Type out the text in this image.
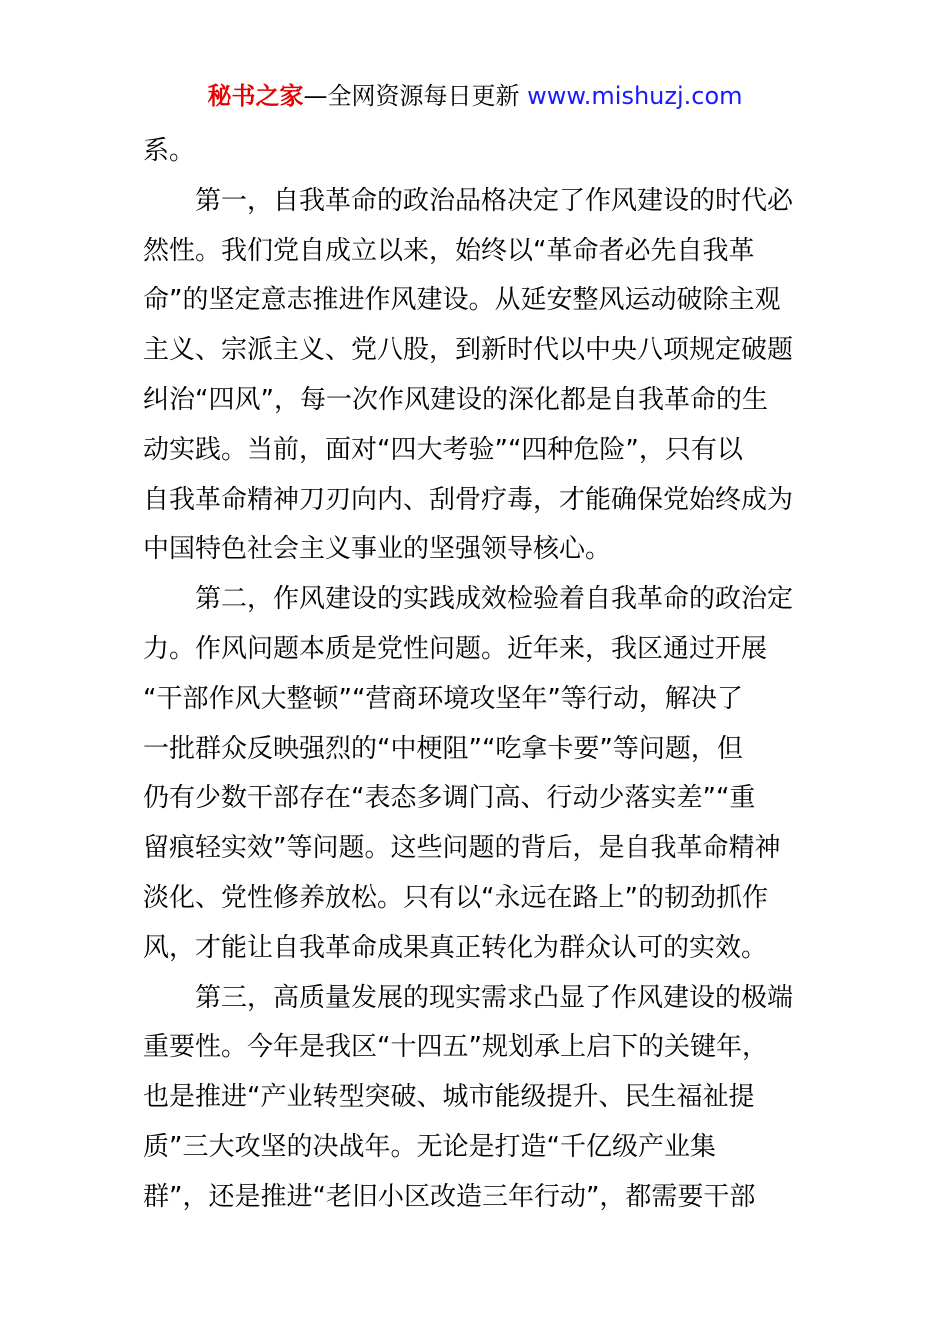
秘书之家—全网资源每日更新 www.mishuzj.com
系。
　　第一，自我革命的政治品格决定了作风建设的时代必
然性。我们党自成立以来，始终以“革命者必先自我革
命”的坚定意志推进作风建设。从延安整风运动破除主观
主义、宗派主义、党八股，到新时代以中央八项规定破题
纠治“四风”，每一次作风建设的深化都是自我革命的生
动实践。当前，面对“四大考验”“四种危险”，只有以
自我革命精神刀刃向内、刮骨疗毒，才能确保党始终成为
中国特色社会主义事业的坚强领导核心。
　　第二，作风建设的实践成效检验着自我革命的政治定
力。作风问题本质是党性问题。近年来，我区通过开展
“干部作风大整顿”“营商环境攻坚年”等行动，解决了
一批群众反映强烈的“中梗阻”“吃拿卡要”等问题，但
仍有少数干部存在“表态多调门高、行动少落实差”“重
留痕轻实效”等问题。这些问题的背后，是自我革命精神
淡化、党性修养放松。只有以“永远在路上”的韧劲抓作
风，才能让自我革命成果真正转化为群众认可的实效。
　　第三，高质量发展的现实需求凸显了作风建设的极端
重要性。今年是我区“十四五”规划承上启下的关键年，
也是推进“产业转型突破、城市能级提升、民生福祉提
质”三大攻坚的决战年。无论是打造“千亿级产业集
群”，还是推进“老旧小区改造三年行动”，都需要干部
